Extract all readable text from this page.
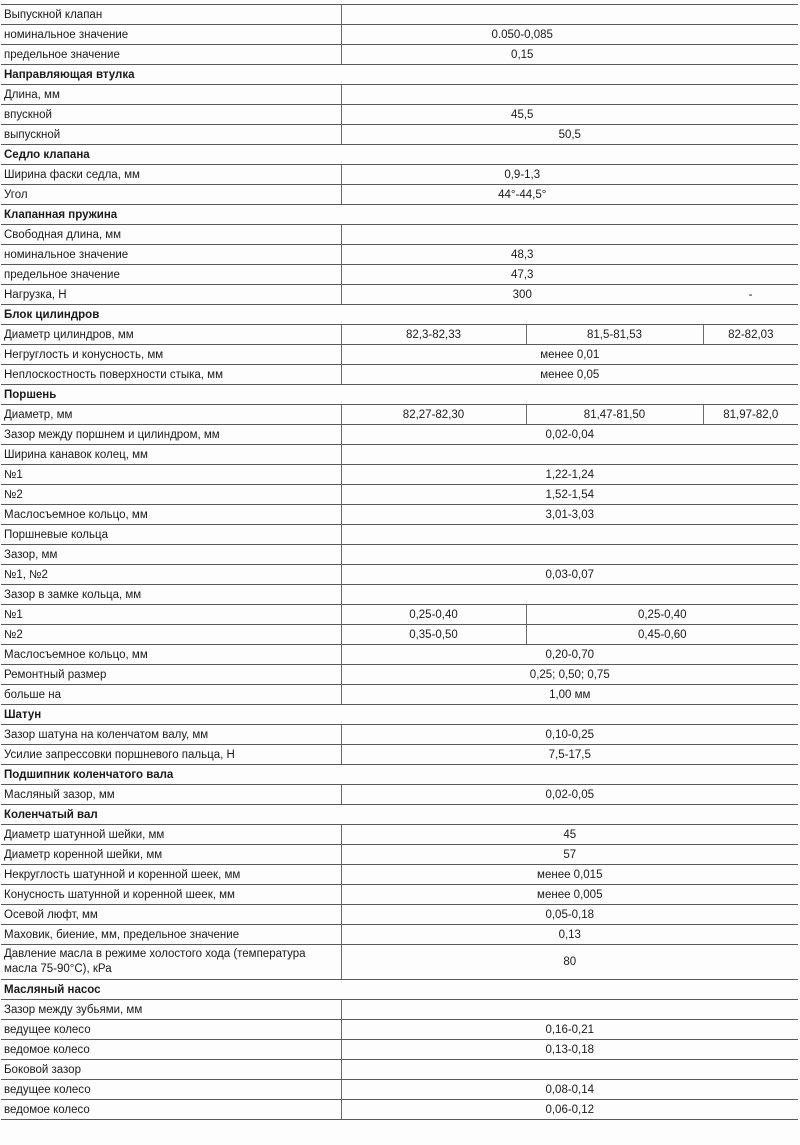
Выпускной клапан			
номинальное значение	0.050-0,085		
предельное значение	0,15		
Направляющая втулка			
Длина, мм			
впускной	45,5		
выпускной	50,5		
Седло клапана			
Ширина фаски седла, мм	0,9-1,3		
Угол	44°-44,5°		
Клапанная пружина			
Свободная длина, мм			
номинальное значение	48,3		
предельное значение	47,3		
Нагрузка, Н	300		-
Блок цилиндров			
Диаметр цилиндров, мм	82,3-82,33	81,5-81,53	82-82,03
Негруглость и конусность, мм	менее 0,01		
Неплоскостность поверхности стыка, мм	менее 0,05		
Поршень			
Диаметр, мм	82,27-82,30	81,47-81,50	81,97-82,0
Зазор между поршнем и цилиндром, мм	0,02-0,04		
Ширина канавок колец, мм			
№1	1,22-1,24		
№2	1,52-1,54		
Маслосъемное кольцо, мм	3,01-3,03		
Поршневые кольца			
Зазор, мм			
№1, №2	0,03-0,07		
Зазор в замке кольца, мм			
№1	0,25-0,40	0,25-0,40	
№2	0,35-0,50	0,45-0,60	
Маслосъемное кольцо, мм	0,20-0,70		
Ремонтный размер	0,25; 0,50; 0,75		
больше на	1,00 мм		
Шатун			
Зазор шатуна на коленчатом валу, мм	0,10-0,25		
Усилие запрессовки поршневого пальца, Н	7,5-17,5		
Подшипник коленчатого вала			
Масляный зазор, мм	0,02-0,05		
Коленчатый вал			
Диаметр шатунной шейки, мм	45		
Диаметр коренной шейки, мм	57		
Некруглость шатунной и коренной шеек, мм	менее 0,015		
Конусность шатунной и коренной шеек, мм	менее 0,005		
Осевой люфт, мм	0,05-0,18		
Маховик, биение, мм, предельное значение	0,13		
Давление масла в режиме холостого хода (температура масла 75-90°С), кРа	80		
Масляный насос			
Зазор между зубьями, мм			
ведущее колесо	0,16-0,21		
ведомое колесо	0,13-0,18		
Боковой зазор			
ведущее колесо	0,08-0,14		
ведомое колесо	0,06-0,12		
